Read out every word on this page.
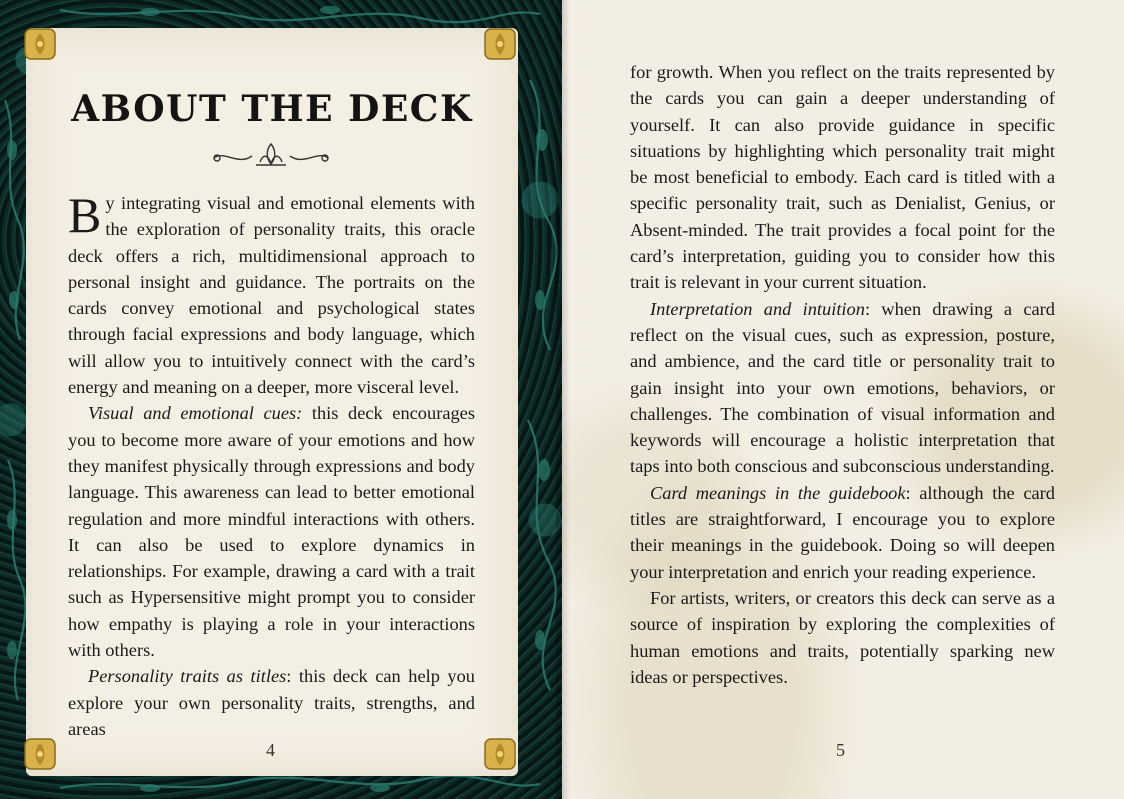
ABOUT THE DECK

By integrating visual and emotional elements with the exploration of personality traits, this oracle deck offers a rich, multidimensional approach to personal insight and guidance. The portraits on the cards convey emotional and psychological states through facial expressions and body language, which will allow you to intuitively connect with the card’s energy and meaning on a deeper, more visceral level.

Visual and emotional cues: this deck encourages you to become more aware of your emotions and how they manifest physically through expressions and body language. This awareness can lead to better emotional regulation and more mindful interactions with others. It can also be used to explore dynamics in relationships. For example, drawing a card with a trait such as Hypersensitive might prompt you to consider how empathy is playing a role in your interactions with others.

Personality traits as titles: this deck can help you explore your own personality traits, strengths, and areas

4

for growth. When you reflect on the traits represented by the cards you can gain a deeper understanding of yourself. It can also provide guidance in specific situations by highlighting which personality trait might be most beneficial to embody. Each card is titled with a specific personality trait, such as Denialist, Genius, or Absent-minded. The trait provides a focal point for the card’s interpretation, guiding you to consider how this trait is relevant in your current situation.

Interpretation and intuition: when drawing a card reflect on the visual cues, such as expression, posture, and ambience, and the card title or personality trait to gain insight into your own emotions, behaviors, or challenges. The combination of visual information and keywords will encourage a holistic interpretation that taps into both conscious and subconscious understanding.

Card meanings in the guidebook: although the card titles are straightforward, I encourage you to explore their meanings in the guidebook. Doing so will deepen your interpretation and enrich your reading experience.

For artists, writers, or creators this deck can serve as a source of inspiration by exploring the complexities of human emotions and traits, potentially sparking new ideas or perspectives.

5
